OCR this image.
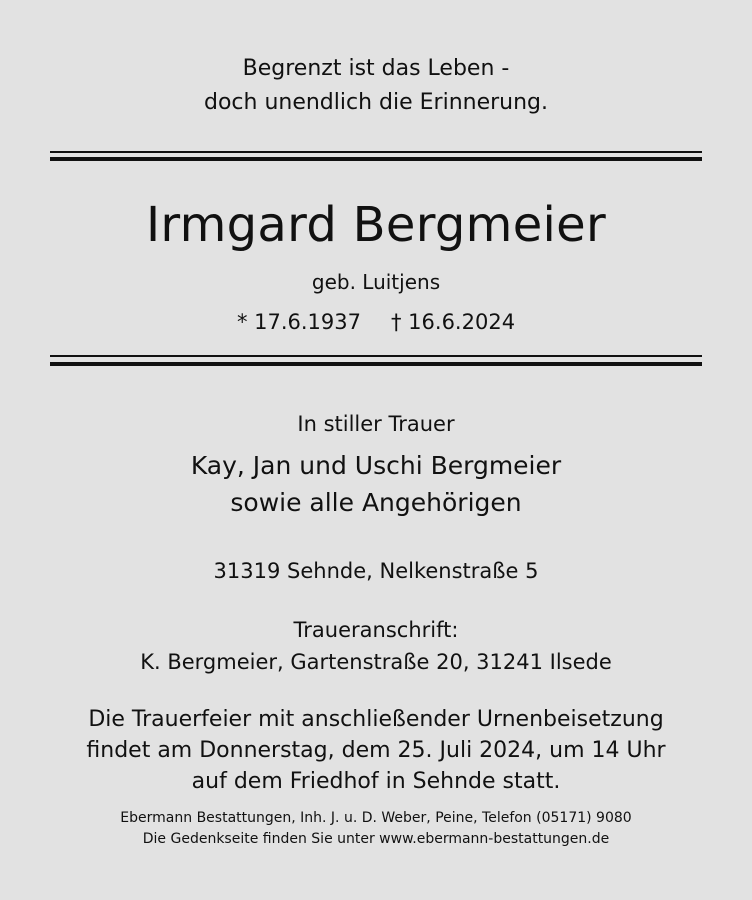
Begrenzt ist das Leben -
doch unendlich die Erinnerung.
Irmgard Bergmeier
geb. Luitjens
* 17.6.1937 † 16.6.2024
In stiller Trauer
Kay, Jan und Uschi Bergmeier
sowie alle Angehörigen
31319 Sehnde, Nelkenstraße 5
Traueranschrift:
K. Bergmeier, Gartenstraße 20, 31241 Ilsede
Die Trauerfeier mit anschließender Urnenbeisetzung
findet am Donnerstag, dem 25. Juli 2024, um 14 Uhr
auf dem Friedhof in Sehnde statt.
Ebermann Bestattungen, Inh. J. u. D. Weber, Peine, Telefon (05171) 9080
Die Gedenkseite finden Sie unter www.ebermann-bestattungen.de
